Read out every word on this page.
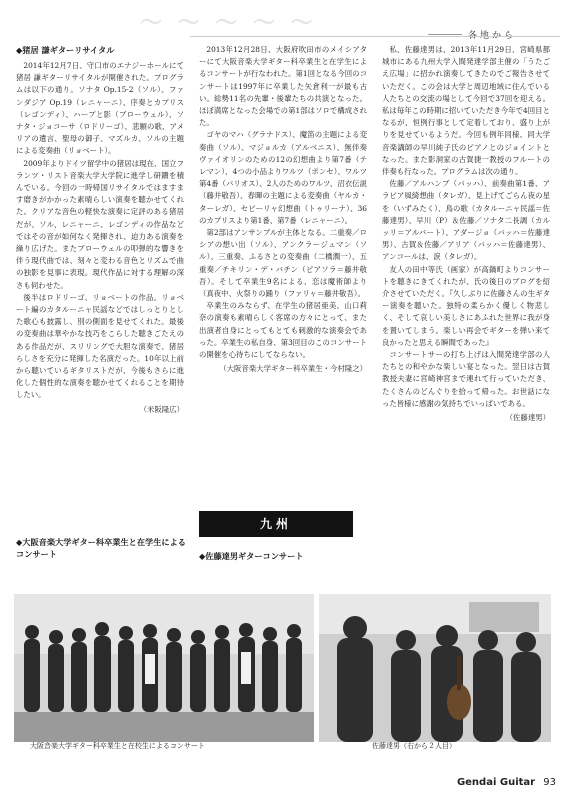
～ ～ ～ ～ ～	各地から
◆猪居 謙ギターリサイタル

2014年12月7日、守口市のエナジーホールにて猪居 謙ギターリサイタルが開催された。プログラムは以下の通り。ソナタ Op.15-2（ソル）、ファンダジア Op.19（レニャーニ）、序奏とカプリス（レゴンディ）、ハープと影（ブローウェル）、ソナタ・ジョコーサ（ロドリーゴ）、悲願の歌、アメリアの遺言、聖母の御子、マズルカ、ソルの主題による変奏曲（リョベート）。

2009年よりドイツ留学中の猪居は現在、国立フランツ・リスト音楽大学大学院に進学し研鑽を積んでいる。今回の一時帰国リサイタルではますます磨きがかかった素晴らしい演奏を聴かせてくれた。クリアな音色の軽快な演奏に定評のある猪居だが、ソル、レニャーニ、レゴンディの作品などではその音が如何なく発揮され、迫力ある演奏を繰り広げた。またブローウェルの叩弾的な響きを伴う現代曲では、刻々と変わる音色とリズムで曲の独影を見事に表現。現代作品に対する理解の深さも伺わせた。

後半はロドリーゴ、リョベートの作品。リョベート編のカタルーニャ民謡などではしっとりとした歌心も披露し、別の側面を見せてくれた。最後の変奏曲は華やかな技巧をこらした聴きごたえのある作品だが、スリリングで大胆な演奏で、猪居らしさを充分に発揮した名演だった。10年以上前から聴いているギタリストだが、今後もさらに進化した個性的な演奏を聴かせてくれることを期待したい。

（米阪隆広）

2013年12月28日、大阪府吹田市のメイシアターにて大阪音楽大学ギター科卒業生と在学生によるコンサートが行なわれた。第1回となる今回のコンサートは1997年に卒業した矢倉利一が最も古い。総勢11名の先輩・後輩たちの共演となった。ほぼ満席となった会場での第1部はソロで構成された。

ゴヤのマハ（グラナドス）、魔笛の主題による変奏曲（ソル）、マジョルカ（アルベニス）、無伴奏ヴァイオリンのための12の幻想曲より第7番（テレマン）、4つの小品よりワルツ（ポンセ）、ワルツ第4番（バリオス）、2人のためのワルツ、沼衣伝説（藤井敬吾）、春暉の主題による変奏曲（ヤルカ・ターレガ）、セビーリャ幻想曲（トゥリーナ）、36のカプリスより第1番、第7番（レニャーニ）。

第2部はアンサンブルが主体となる。二重奏／ロシアの想い出（ソル）、アンクラージュマン（ソル）、三重奏、ふるさとの変奏曲（二橋潤一）、五重奏／チキリン・デ・バチン（ピアソラ＝藤井敬吾）。そして卒業生9名による、恋は魔術師より（真夜中、火祭りの踊り（ファリャ＝藤井敬吾）。

卒業生のみならず、在学生の猪居亜美、山口莉奈の演奏も素晴らしく客席の方々にとって、また出演者自身にとってもとても刺激的な演奏会であった。卒業生の私自身、第3回目のこのコンサートの開催を心待ちにしてならない。

（大阪音楽大学ギター科卒業生・今村隆之）

私、佐藤達男は、2013年11月29日、宮崎県都城市にある九州大学入間発達学部主催の「うたごえ広場」に招かれ演奏してきたのでご報告させていただく。この会は大学と周辺地域に住んでいる人たちとの交流の場として今回で37回を迎える。私は毎年この時期に招いていただき今年で4回目となるが、恒例行事として定着しており、盛り上がりを見せているようだ。今回も例年同様、同大学音楽講師の早川純子氏のピアノとのジョイントとなった。また影洞家の古賀捷一教授のフルートの伴奏も行なった。プログラムは次の通り。

佐藤／アルハンブ（バッハ）、前奏曲第1番、アラビア風綺想曲（タレガ）、見上げてごらん夜の星を（いずみたく）、鳥の歌（カタルーニャ民謡＝佐藤達男）、早川（P）＆佐藤／ソナタ二長調（カルッリ＝アルバート）、アダージョ（バッハ＝佐藤達男）、古賀＆佐藤／アリア（バッハ＝佐藤達男）、アンコールは、涙（タレガ）。

友人の田中等氏（画家）が高鍋町よりコンサートを聴きにきてくれたが、氏の後日のブログを紹介させていただく。『久しぶりに佐藤さんの生ギター演奏を聴いた。独特の柔らかく優しく物悲しく、そして哀しい美しさにあふれた世界に我が身を置いてしまう。楽しい再会でギターを弾い来て良かったと思える瞬間であった』

コンサートサーの打ち上げは入間発達学部の人たちとの和やかな楽しい宴となった。翌日は古賀教授夫妻に宮崎神宮まで連れて行っていただき、たくさんのどんぐりを拾って帰った。お世話になった皆様に感謝の気持ちでいっぱいである。

（佐藤達男）
九州
◆大阪音楽大学ギター科卒業生と在学生によるコンサート	◆佐藤達男ギターコンサート
大阪音楽大学ギター科卒業生と在校生によるコンサート	佐藤達男（右から２人目）
Gendai Guitar 93
